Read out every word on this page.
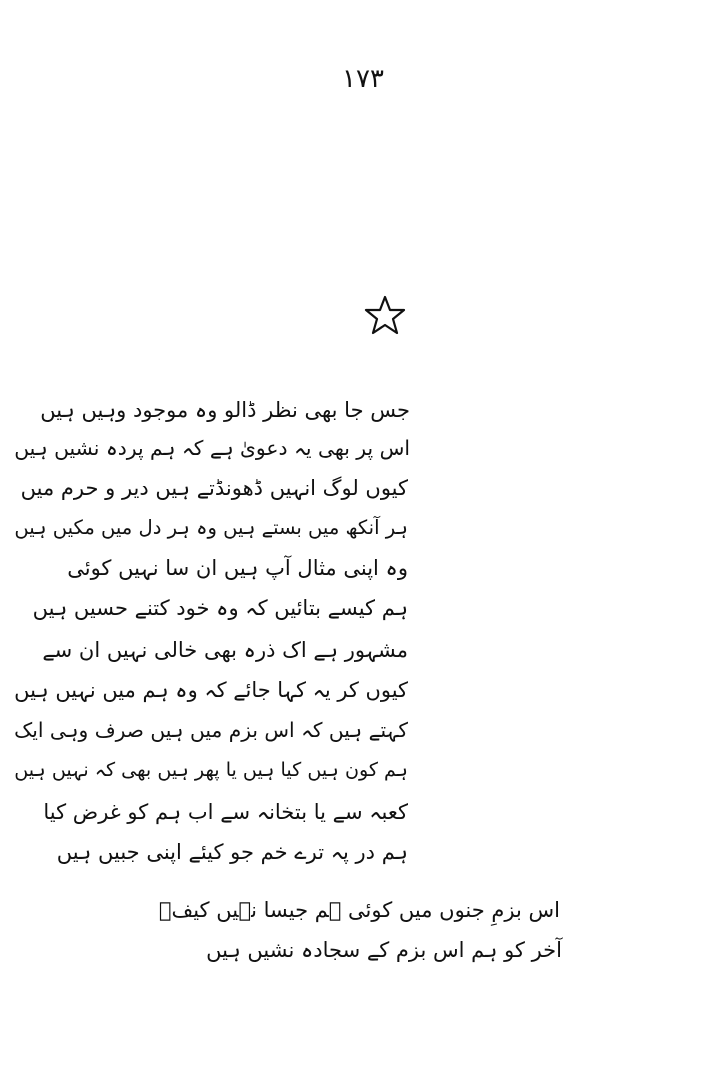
۱۷۳
جس جا بھی نظر ڈالو وہ موجود وہیں ہیں
اس پر بھی یہ دعویٰ ہے کہ ہم پردہ نشیں ہیں
کیوں لوگ انہیں ڈھونڈتے ہیں دیر و حرم میں
ہر آنکھ میں بستے ہیں وہ ہر دل میں مکیں ہیں
وہ اپنی مثال آپ ہیں ان سا نہیں کوئی
ہم کیسے بتائیں کہ وہ خود کتنے حسیں ہیں
مشہور ہے اک ذرہ بھی خالی نہیں ان سے
کیوں کر یہ کہا جائے کہ وہ ہم میں نہیں ہیں
کہتے ہیں کہ اس بزم میں ہیں صرف وہی ایک
ہم کون ہیں کیا ہیں یا پھر ہیں بھی کہ نہیں ہیں
کعبہ سے یا بتخانہ سے اب ہم کو غرض کیا
ہم در پہ ترے خم جو کیئے اپنی جبیں ہیں
اس بزمِ جنوں میں کوئی ہم جیسا نہیں کیفؔ
آخر کو ہم اس بزم کے سجادہ نشیں ہیں
